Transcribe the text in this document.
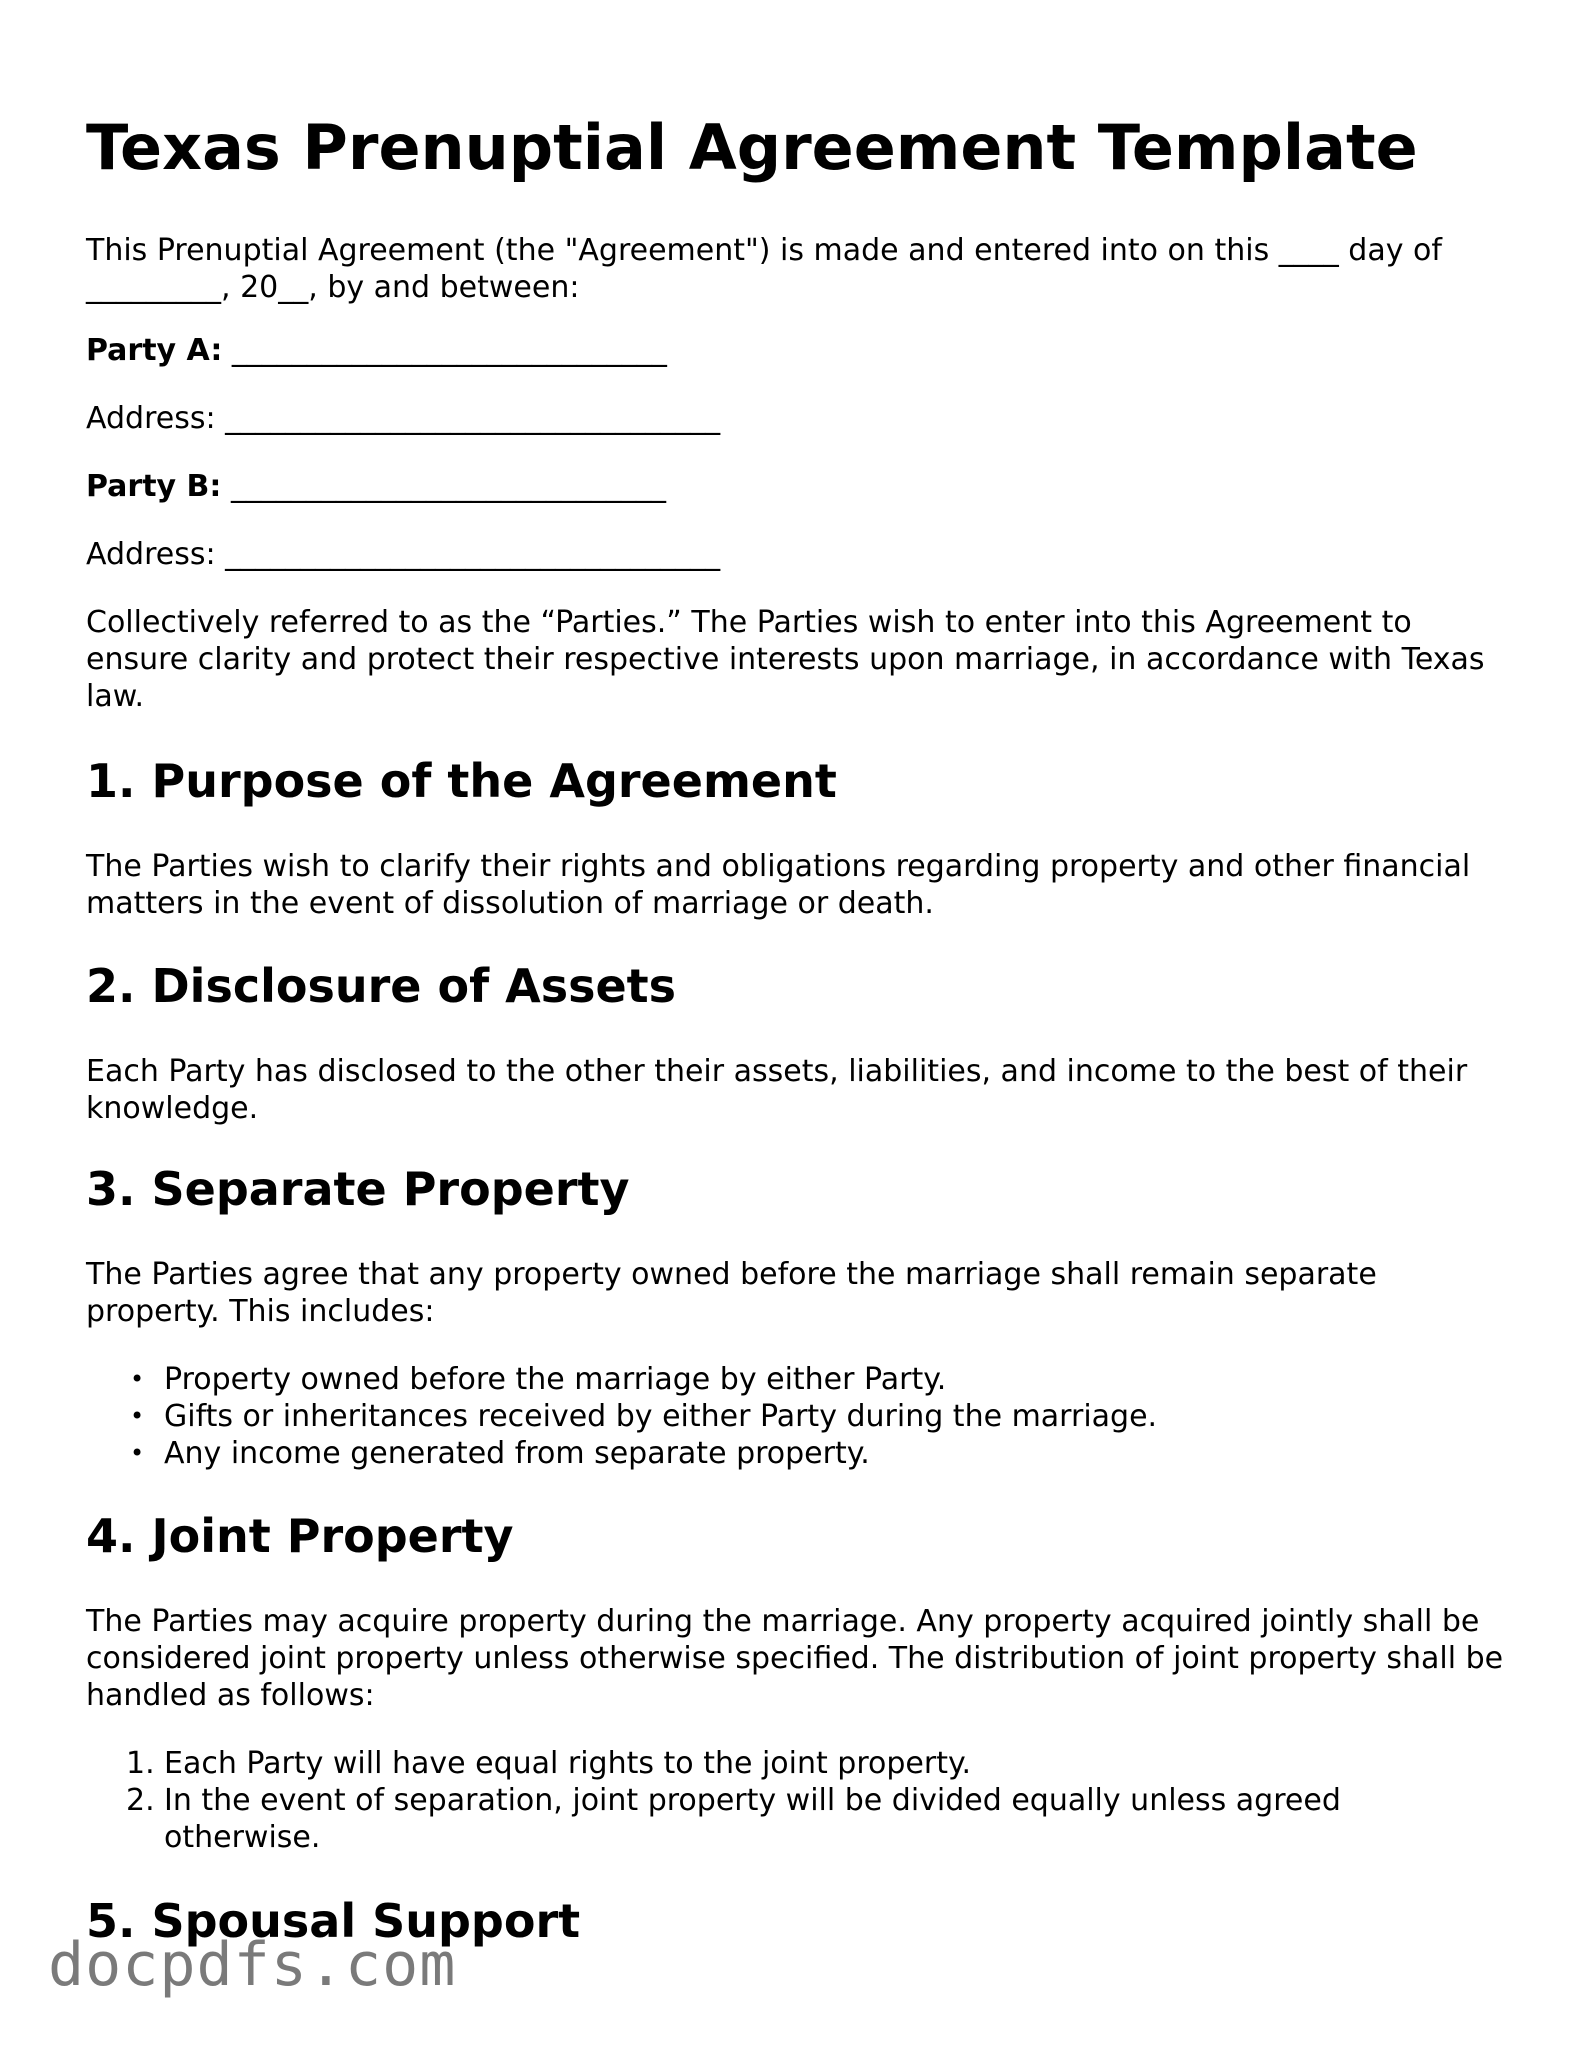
Texas Prenuptial Agreement Template

This Prenuptial Agreement (the "Agreement") is made and entered into on this ____ day of _________, 20__, by and between:

Party A: _____________________________

Address: _________________________________

Party B: _____________________________

Address: _________________________________

Collectively referred to as the “Parties.” The Parties wish to enter into this Agreement to ensure clarity and protect their respective interests upon marriage, in accordance with Texas law.

1. Purpose of the Agreement

The Parties wish to clarify their rights and obligations regarding property and other financial matters in the event of dissolution of marriage or death.

2. Disclosure of Assets

Each Party has disclosed to the other their assets, liabilities, and income to the best of their knowledge.

3. Separate Property

The Parties agree that any property owned before the marriage shall remain separate property. This includes:

• Property owned before the marriage by either Party.
• Gifts or inheritances received by either Party during the marriage.
• Any income generated from separate property.
4. Joint Property

The Parties may acquire property during the marriage. Any property acquired jointly shall be considered joint property unless otherwise specified. The distribution of joint property shall be handled as follows:

1. Each Party will have equal rights to the joint property.
2. In the event of separation, joint property will be divided equally unless agreed otherwise.
5. Spousal Support
docpdfs.com
